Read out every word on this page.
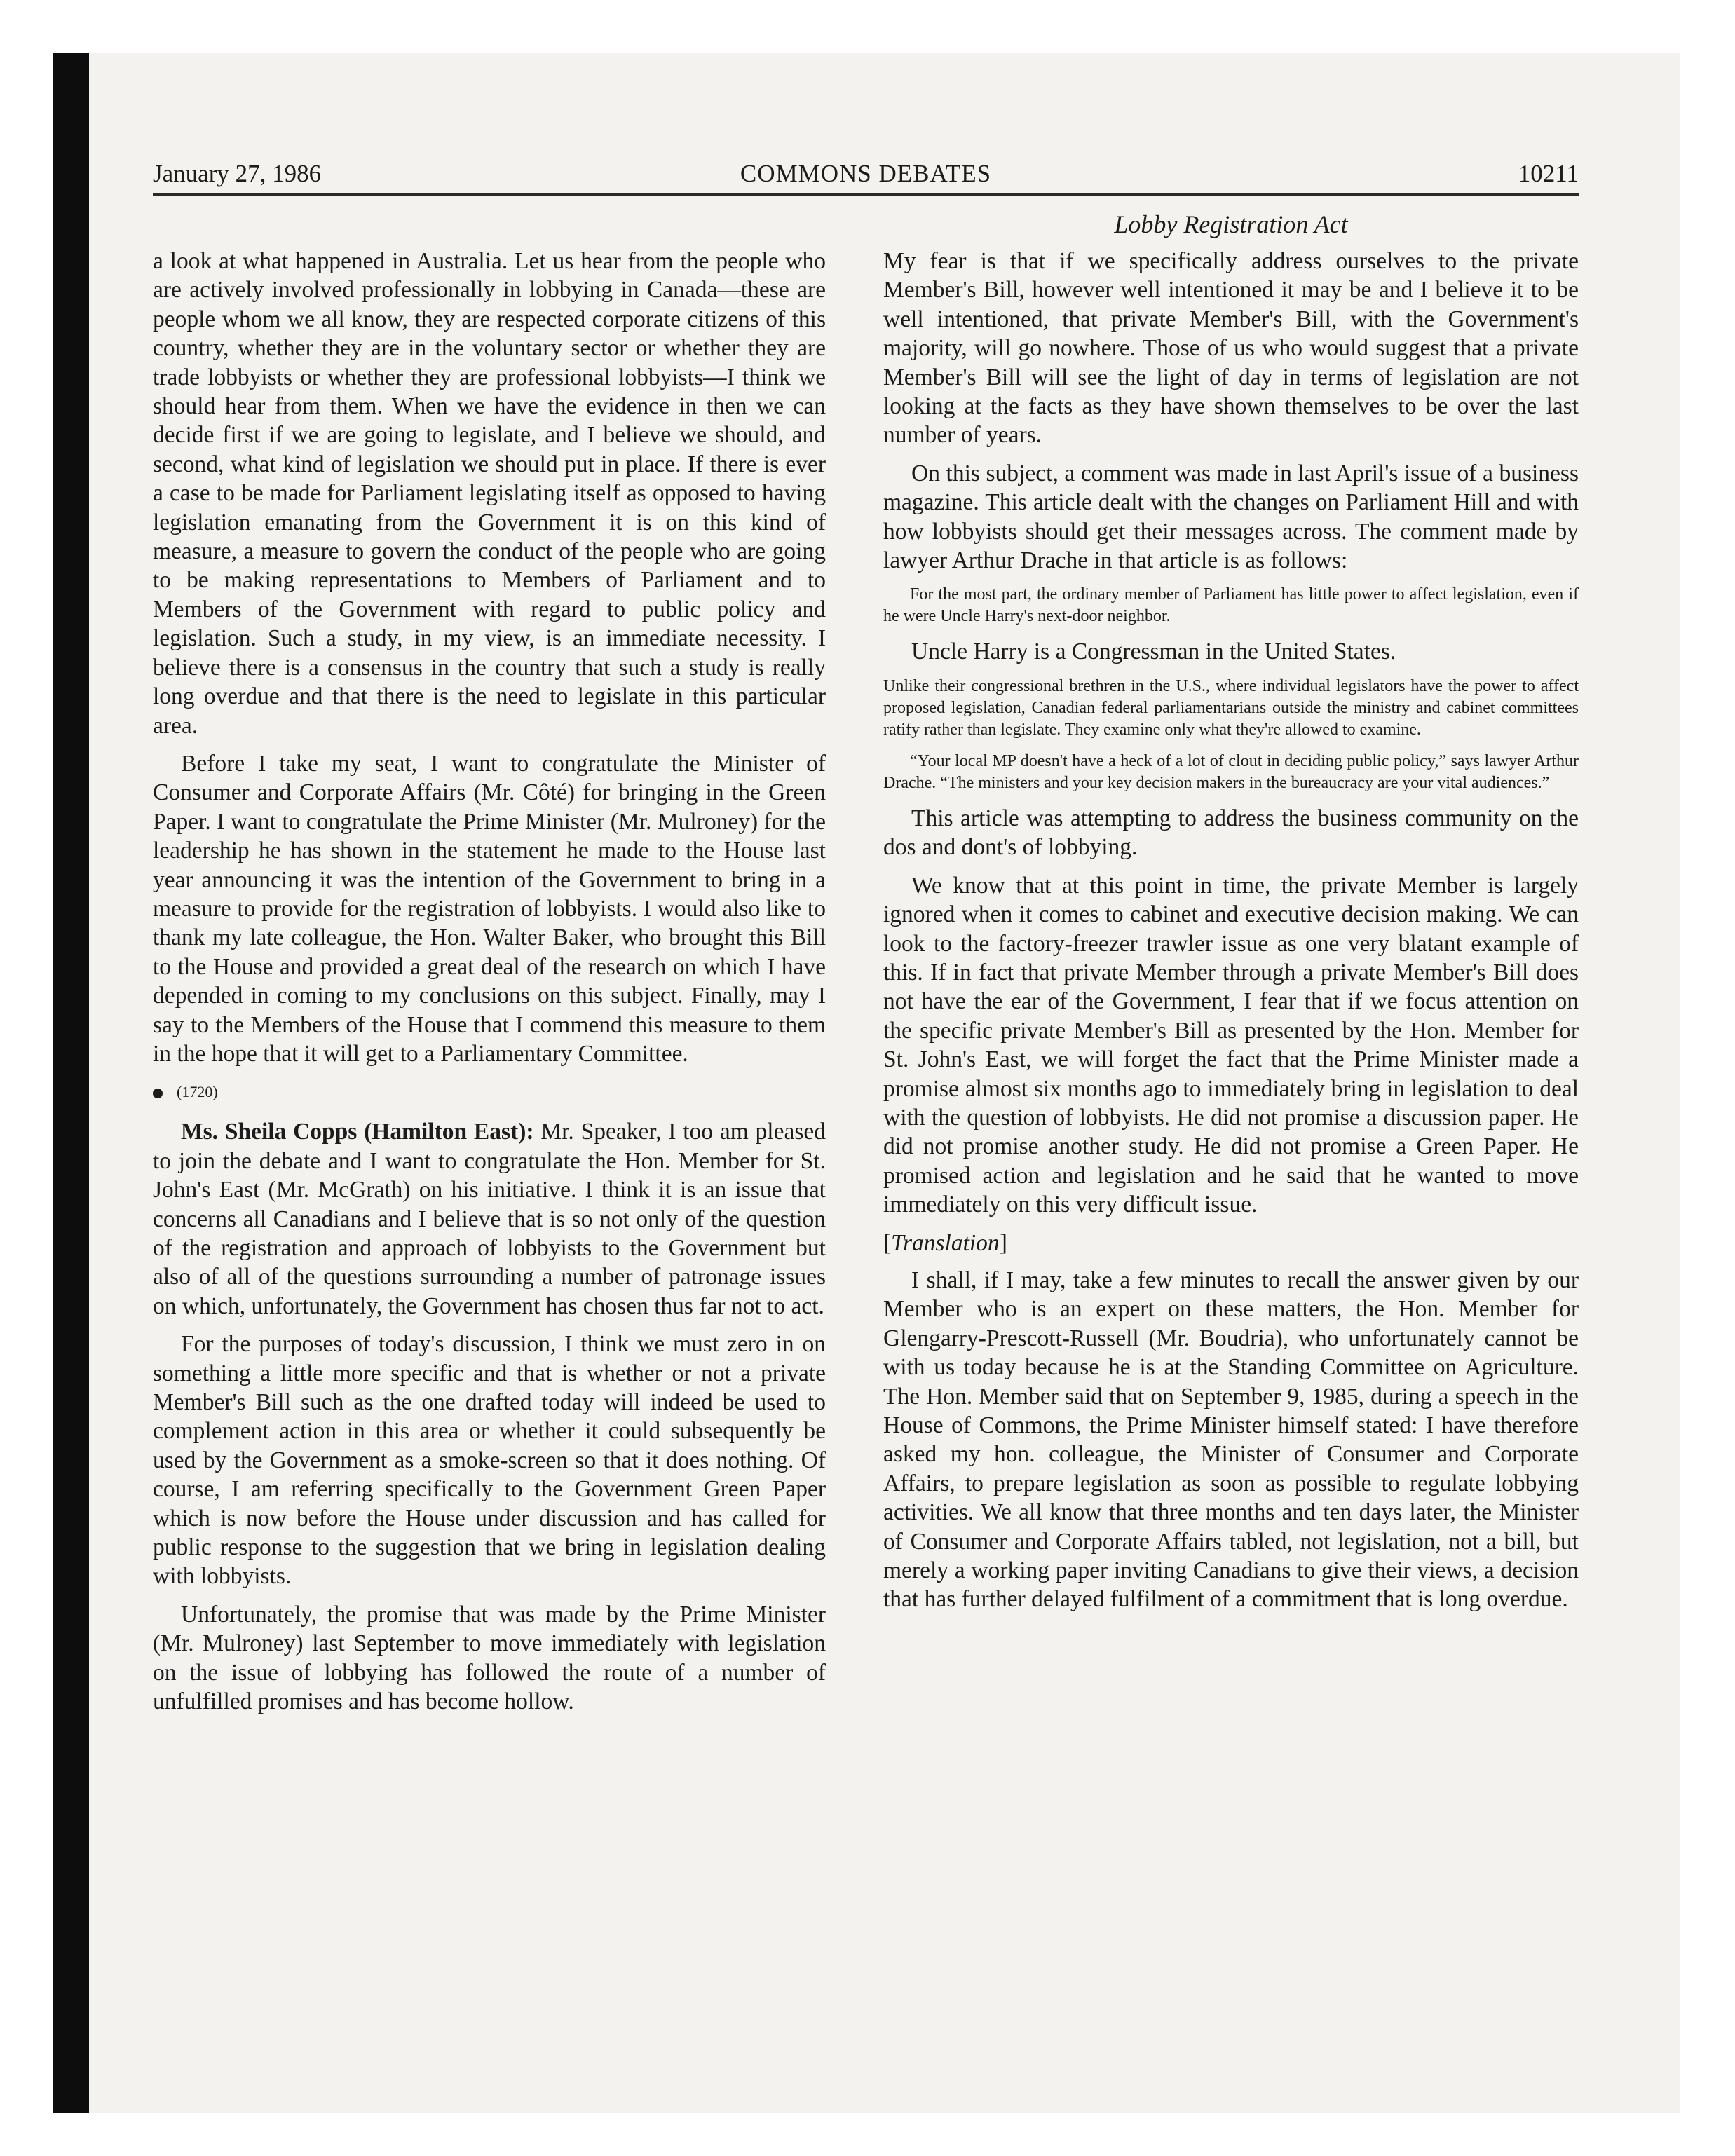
January 27, 1986	COMMONS DEBATES	10211
Lobby Registration Act

a look at what happened in Australia. Let us hear from the people who are actively involved professionally in lobbying in Canada—these are people whom we all know, they are respected corporate citizens of this country, whether they are in the voluntary sector or whether they are trade lobbyists or whether they are professional lobbyists—I think we should hear from them. When we have the evidence in then we can decide first if we are going to legislate, and I believe we should, and second, what kind of legislation we should put in place. If there is ever a case to be made for Parliament legislating itself as opposed to having legislation emanating from the Government it is on this kind of measure, a measure to govern the conduct of the people who are going to be making representations to Members of Parliament and to Members of the Government with regard to public policy and legislation. Such a study, in my view, is an immediate necessity. I believe there is a consensus in the country that such a study is really long overdue and that there is the need to legislate in this particular area.

Before I take my seat, I want to congratulate the Minister of Consumer and Corporate Affairs (Mr. Côté) for bringing in the Green Paper. I want to congratulate the Prime Minister (Mr. Mulroney) for the leadership he has shown in the statement he made to the House last year announcing it was the intention of the Government to bring in a measure to provide for the registration of lobbyists. I would also like to thank my late colleague, the Hon. Walter Baker, who brought this Bill to the House and provided a great deal of the research on which I have depended in coming to my conclusions on this subject. Finally, may I say to the Members of the House that I commend this measure to them in the hope that it will get to a Parliamentary Committee.

(1720)

Ms. Sheila Copps (Hamilton East): Mr. Speaker, I too am pleased to join the debate and I want to congratulate the Hon. Member for St. John's East (Mr. McGrath) on his initiative. I think it is an issue that concerns all Canadians and I believe that is so not only of the question of the registration and approach of lobbyists to the Government but also of all of the questions surrounding a number of patronage issues on which, unfortunately, the Government has chosen thus far not to act.

For the purposes of today's discussion, I think we must zero in on something a little more specific and that is whether or not a private Member's Bill such as the one drafted today will indeed be used to complement action in this area or whether it could subsequently be used by the Government as a smoke-screen so that it does nothing. Of course, I am referring specifically to the Government Green Paper which is now before the House under discussion and has called for public response to the suggestion that we bring in legislation dealing with lobbyists.

Unfortunately, the promise that was made by the Prime Minister (Mr. Mulroney) last September to move immediately with legislation on the issue of lobbying has followed the route of a number of unfulfilled promises and has become hollow.

My fear is that if we specifically address ourselves to the private Member's Bill, however well intentioned it may be and I believe it to be well intentioned, that private Member's Bill, with the Government's majority, will go nowhere. Those of us who would suggest that a private Member's Bill will see the light of day in terms of legislation are not looking at the facts as they have shown themselves to be over the last number of years.

On this subject, a comment was made in last April's issue of a business magazine. This article dealt with the changes on Parliament Hill and with how lobbyists should get their messages across. The comment made by lawyer Arthur Drache in that article is as follows:

For the most part, the ordinary member of Parliament has little power to affect legislation, even if he were Uncle Harry's next-door neighbor.

Uncle Harry is a Congressman in the United States.

Unlike their congressional brethren in the U.S., where individual legislators have the power to affect proposed legislation, Canadian federal parliamentarians outside the ministry and cabinet committees ratify rather than legislate. They examine only what they're allowed to examine.

“Your local MP doesn't have a heck of a lot of clout in deciding public policy,” says lawyer Arthur Drache. “The ministers and your key decision makers in the bureaucracy are your vital audiences.”

This article was attempting to address the business community on the dos and dont's of lobbying.

We know that at this point in time, the private Member is largely ignored when it comes to cabinet and executive decision making. We can look to the factory-freezer trawler issue as one very blatant example of this. If in fact that private Member through a private Member's Bill does not have the ear of the Government, I fear that if we focus attention on the specific private Member's Bill as presented by the Hon. Member for St. John's East, we will forget the fact that the Prime Minister made a promise almost six months ago to immediately bring in legislation to deal with the question of lobbyists. He did not promise a discussion paper. He did not promise another study. He did not promise a Green Paper. He promised action and legislation and he said that he wanted to move immediately on this very difficult issue.

[Translation]

I shall, if I may, take a few minutes to recall the answer given by our Member who is an expert on these matters, the Hon. Member for Glengarry-Prescott-Russell (Mr. Boudria), who unfortunately cannot be with us today because he is at the Standing Committee on Agriculture. The Hon. Member said that on September 9, 1985, during a speech in the House of Commons, the Prime Minister himself stated: I have therefore asked my hon. colleague, the Minister of Consumer and Corporate Affairs, to prepare legislation as soon as possible to regulate lobbying activities. We all know that three months and ten days later, the Minister of Consumer and Corporate Affairs tabled, not legislation, not a bill, but merely a working paper inviting Canadians to give their views, a decision that has further delayed fulfilment of a commitment that is long overdue.
